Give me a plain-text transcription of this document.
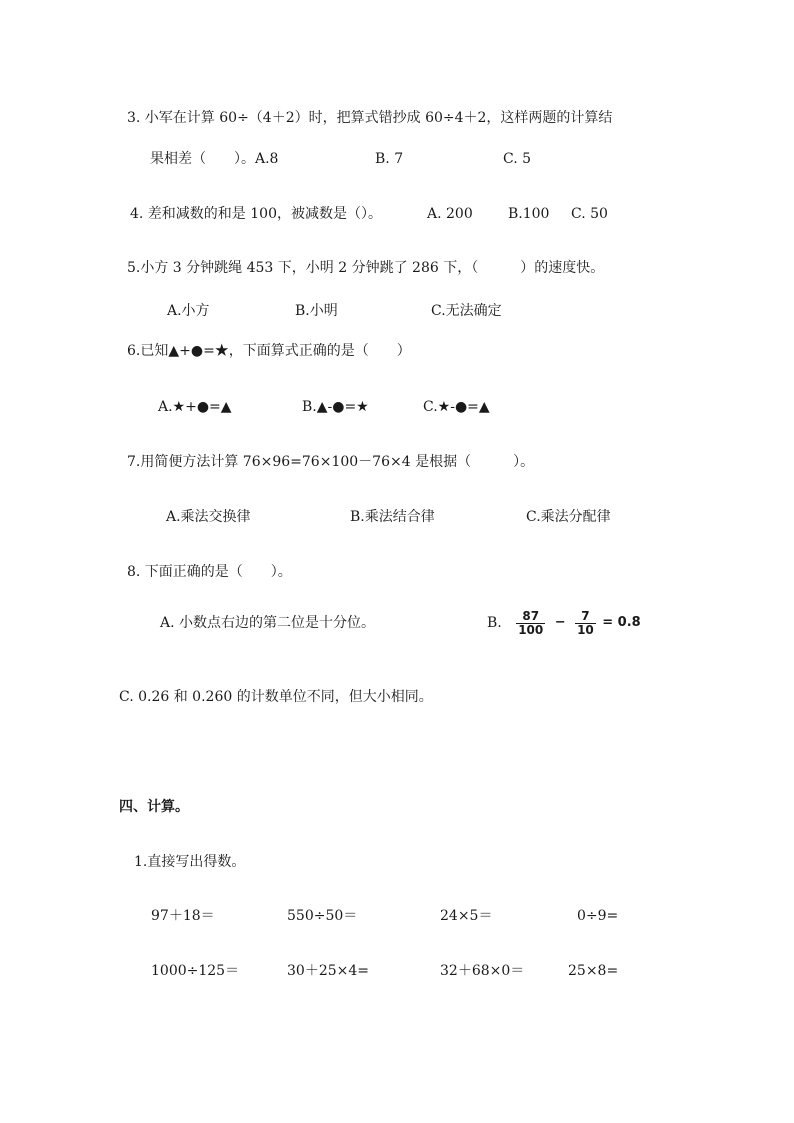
3. 小军在计算 60÷（4＋2）时，把算式错抄成 60÷4＋2，这样两题的计算结
果相差（　　）。A.8	B. 7	C. 5
4. 差和减数的和是 100，被减数是（）。	A. 200	B.100 C. 50
5.小方 3 分钟跳绳 453 下，小明 2 分钟跳了 286 下，（　　　）的速度快。
A.小方	B.小明	C.无法确定
6.已知▲+●=★，下面算式正确的是（　　）
A.★+●=▲	B.▲-●=★	C.★-●=▲
7.用简便方法计算 76×96=76×100－76×4 是根据（　　　）。
A.乘法交换律	B.乘法结合律	C.乘法分配律
8. 下面正确的是（　　）。
A. 小数点右边的第二位是十分位。	B. $\frac{87}{100} - \frac{7}{10} = 0.8$
C. 0.26 和 0.260 的计数单位不同，但大小相同。
四、计算。
1.直接写出得数。
97＋18＝	550÷50＝	24×5＝	0÷9=
1000÷125＝	30＋25×4=	32＋68×0＝	25×8=
